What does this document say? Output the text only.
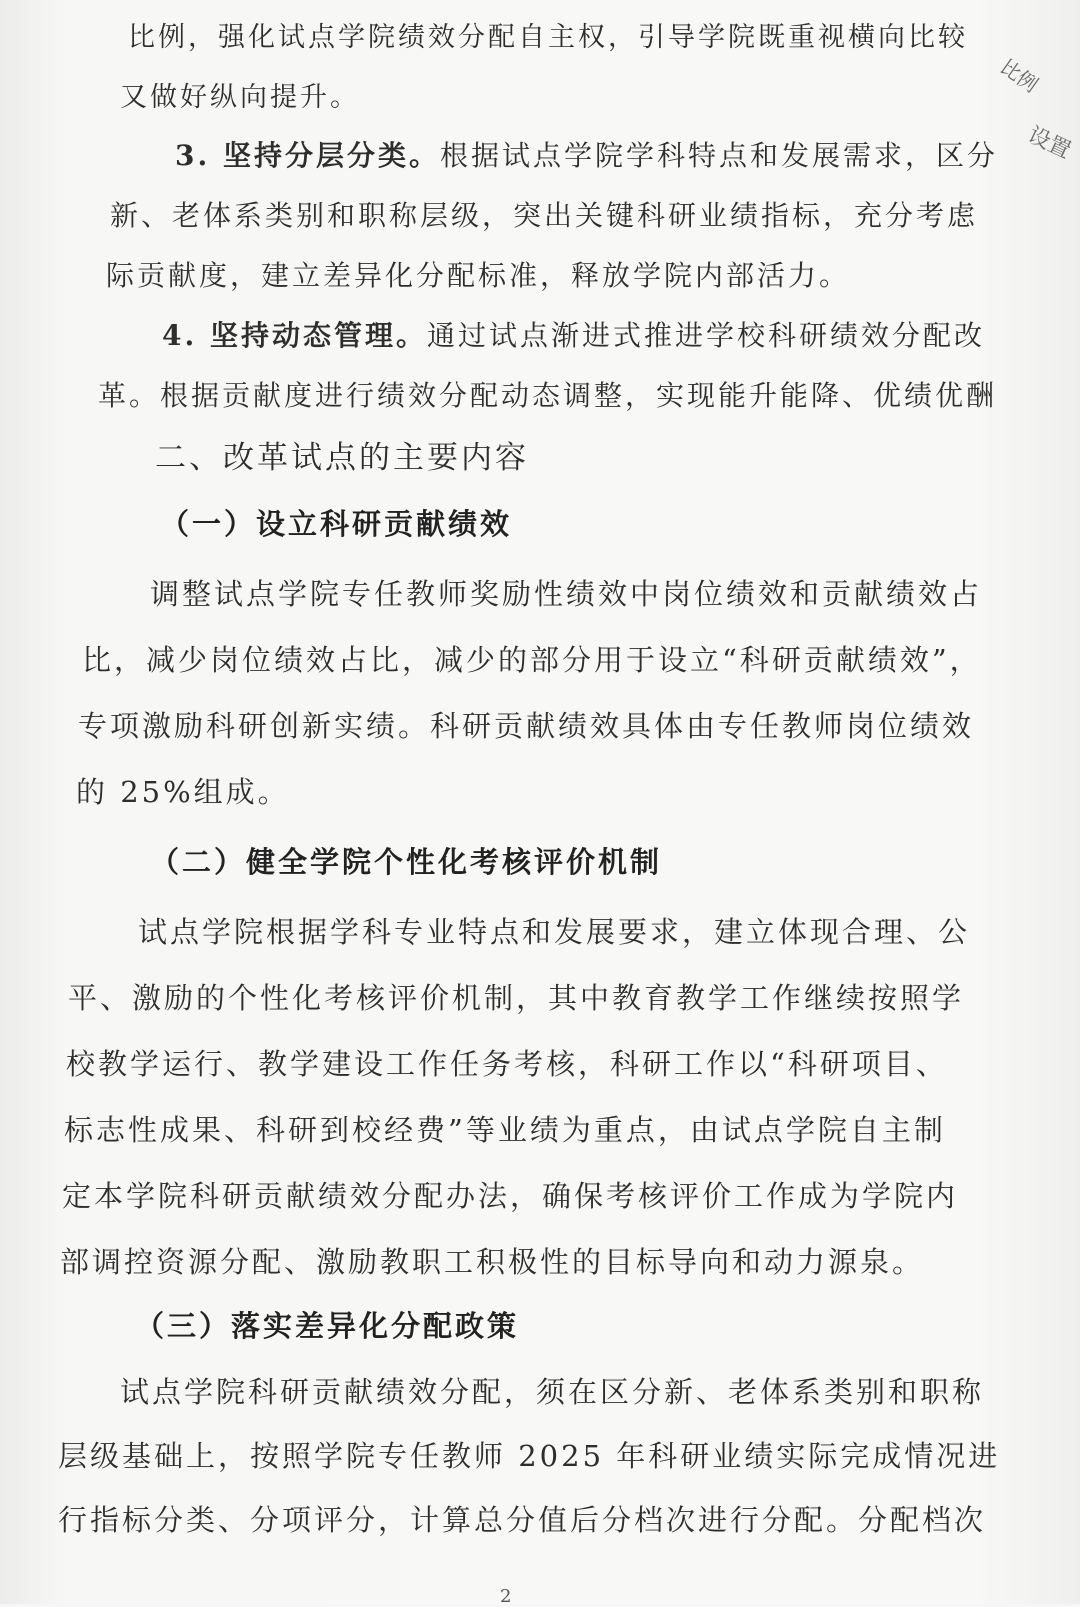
比例，强化试点学院绩效分配自主权，引导学院既重视横向比较
又做好纵向提升。
3. 坚持分层分类。根据试点学院学科特点和发展需求，区分
新、老体系类别和职称层级，突出关键科研业绩指标，充分考虑
际贡献度，建立差异化分配标准，释放学院内部活力。
4. 坚持动态管理。通过试点渐进式推进学校科研绩效分配改
革。根据贡献度进行绩效分配动态调整，实现能升能降、优绩优酬
二、改革试点的主要内容
（一）设立科研贡献绩效
调整试点学院专任教师奖励性绩效中岗位绩效和贡献绩效占
比，减少岗位绩效占比，减少的部分用于设立“科研贡献绩效”，
专项激励科研创新实绩。科研贡献绩效具体由专任教师岗位绩效
的 25%组成。
（二）健全学院个性化考核评价机制
试点学院根据学科专业特点和发展要求，建立体现合理、公
平、激励的个性化考核评价机制，其中教育教学工作继续按照学
校教学运行、教学建设工作任务考核，科研工作以“科研项目、
标志性成果、科研到校经费”等业绩为重点，由试点学院自主制
定本学院科研贡献绩效分配办法，确保考核评价工作成为学院内
部调控资源分配、激励教职工积极性的目标导向和动力源泉。
（三）落实差异化分配政策
试点学院科研贡献绩效分配，须在区分新、老体系类别和职称
层级基础上，按照学院专任教师 2025 年科研业绩实际完成情况进
行指标分类、分项评分，计算总分值后分档次进行分配。分配档次
比例
设置
2
